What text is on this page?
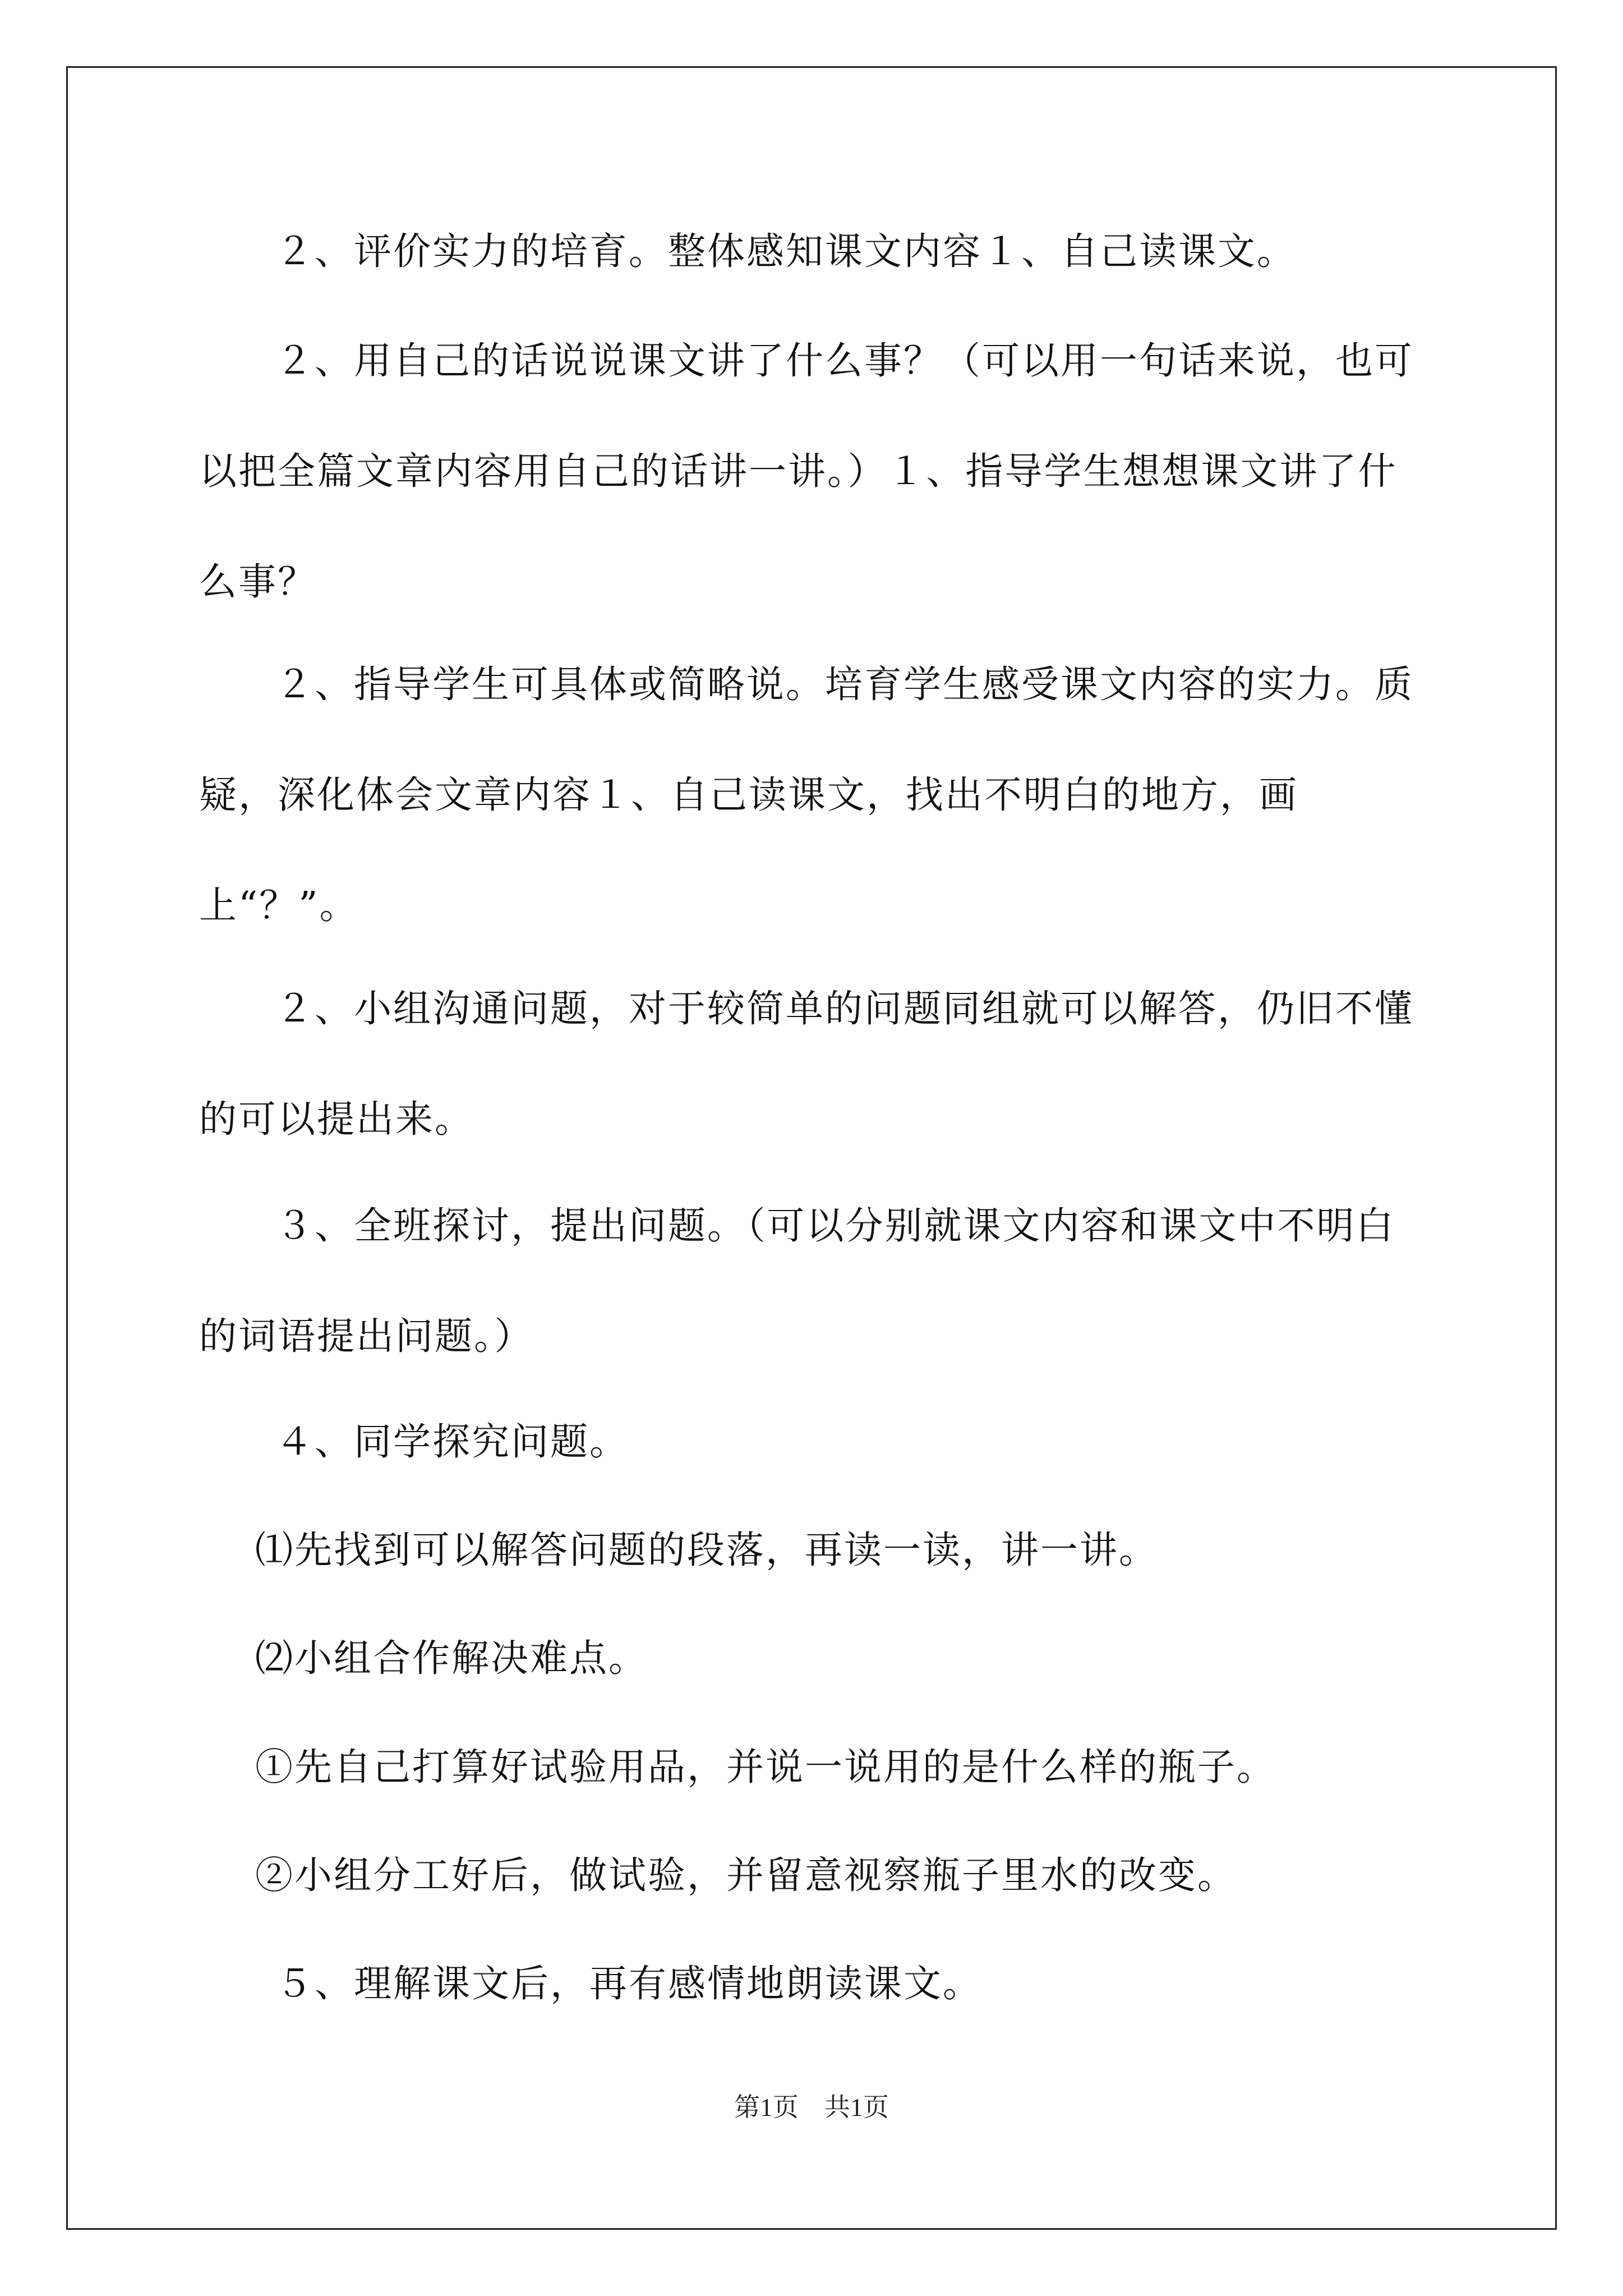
２、评价实力的培育。整体感知课文内容１、自己读课文。
２、用自己的话说说课文讲了什么事？（可以用一句话来说，也可以把全篇文章内容用自己的话讲一讲。）１、指导学生想想课文讲了什么事？
２、指导学生可具体或简略说。培育学生感受课文内容的实力。质疑，深化体会文章内容１、自己读课文，找出不明白的地方，画上“？”。
２、小组沟通问题，对于较简单的问题同组就可以解答，仍旧不懂的可以提出来。
３、全班探讨，提出问题。（可以分别就课文内容和课文中不明白的词语提出问题。）
４、同学探究问题。
⑴先找到可以解答问题的段落，再读一读，讲一讲。
⑵小组合作解决难点。
①先自己打算好试验用品，并说一说用的是什么样的瓶子。
②小组分工好后，做试验，并留意视察瓶子里水的改变。
５、理解课文后，再有感情地朗读课文。
第1页　共1页
